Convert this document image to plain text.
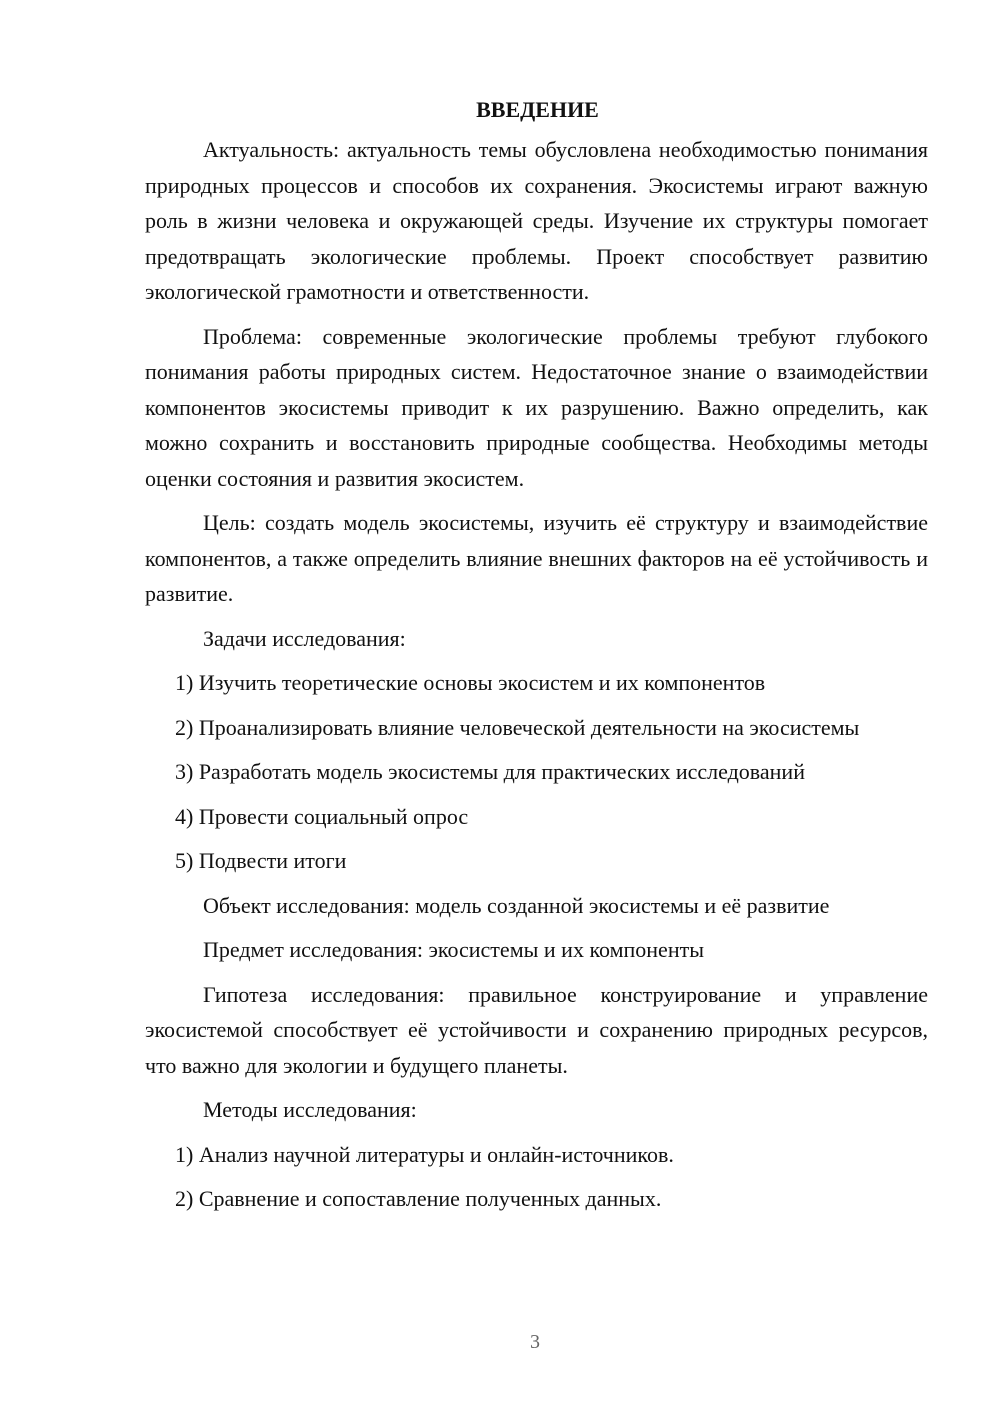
ВВЕДЕНИЕ

Актуальность: актуальность темы обусловлена необходимостью понимания природных процессов и способов их сохранения. Экосистемы играют важную роль в жизни человека и окружающей среды. Изучение их структуры помогает предотвращать экологические проблемы. Проект способствует развитию экологической грамотности и ответственности.

Проблема: современные экологические проблемы требуют глубокого понимания работы природных систем. Недостаточное знание о взаимодействии компонентов экосистемы приводит к их разрушению. Важно определить, как можно сохранить и восстановить природные сообщества. Необходимы методы оценки состояния и развития экосистем.

Цель: создать модель экосистемы, изучить её структуру и взаимодействие компонентов, а также определить влияние внешних факторов на её устойчивость и развитие.

Задачи исследования:

1) Изучить теоретические основы экосистем и их компонентов

2) Проанализировать влияние человеческой деятельности на экосистемы

3) Разработать модель экосистемы для практических исследований

4) Провести социальный опрос

5) Подвести итоги

Объект исследования: модель созданной экосистемы и её развитие

Предмет исследования: экосистемы и их компоненты

Гипотеза исследования: правильное конструирование и управление экосистемой способствует её устойчивости и сохранению природных ресурсов, что важно для экологии и будущего планеты.

Методы исследования:

1) Анализ научной литературы и онлайн-источников.

2) Сравнение и сопоставление полученных данных.

3
